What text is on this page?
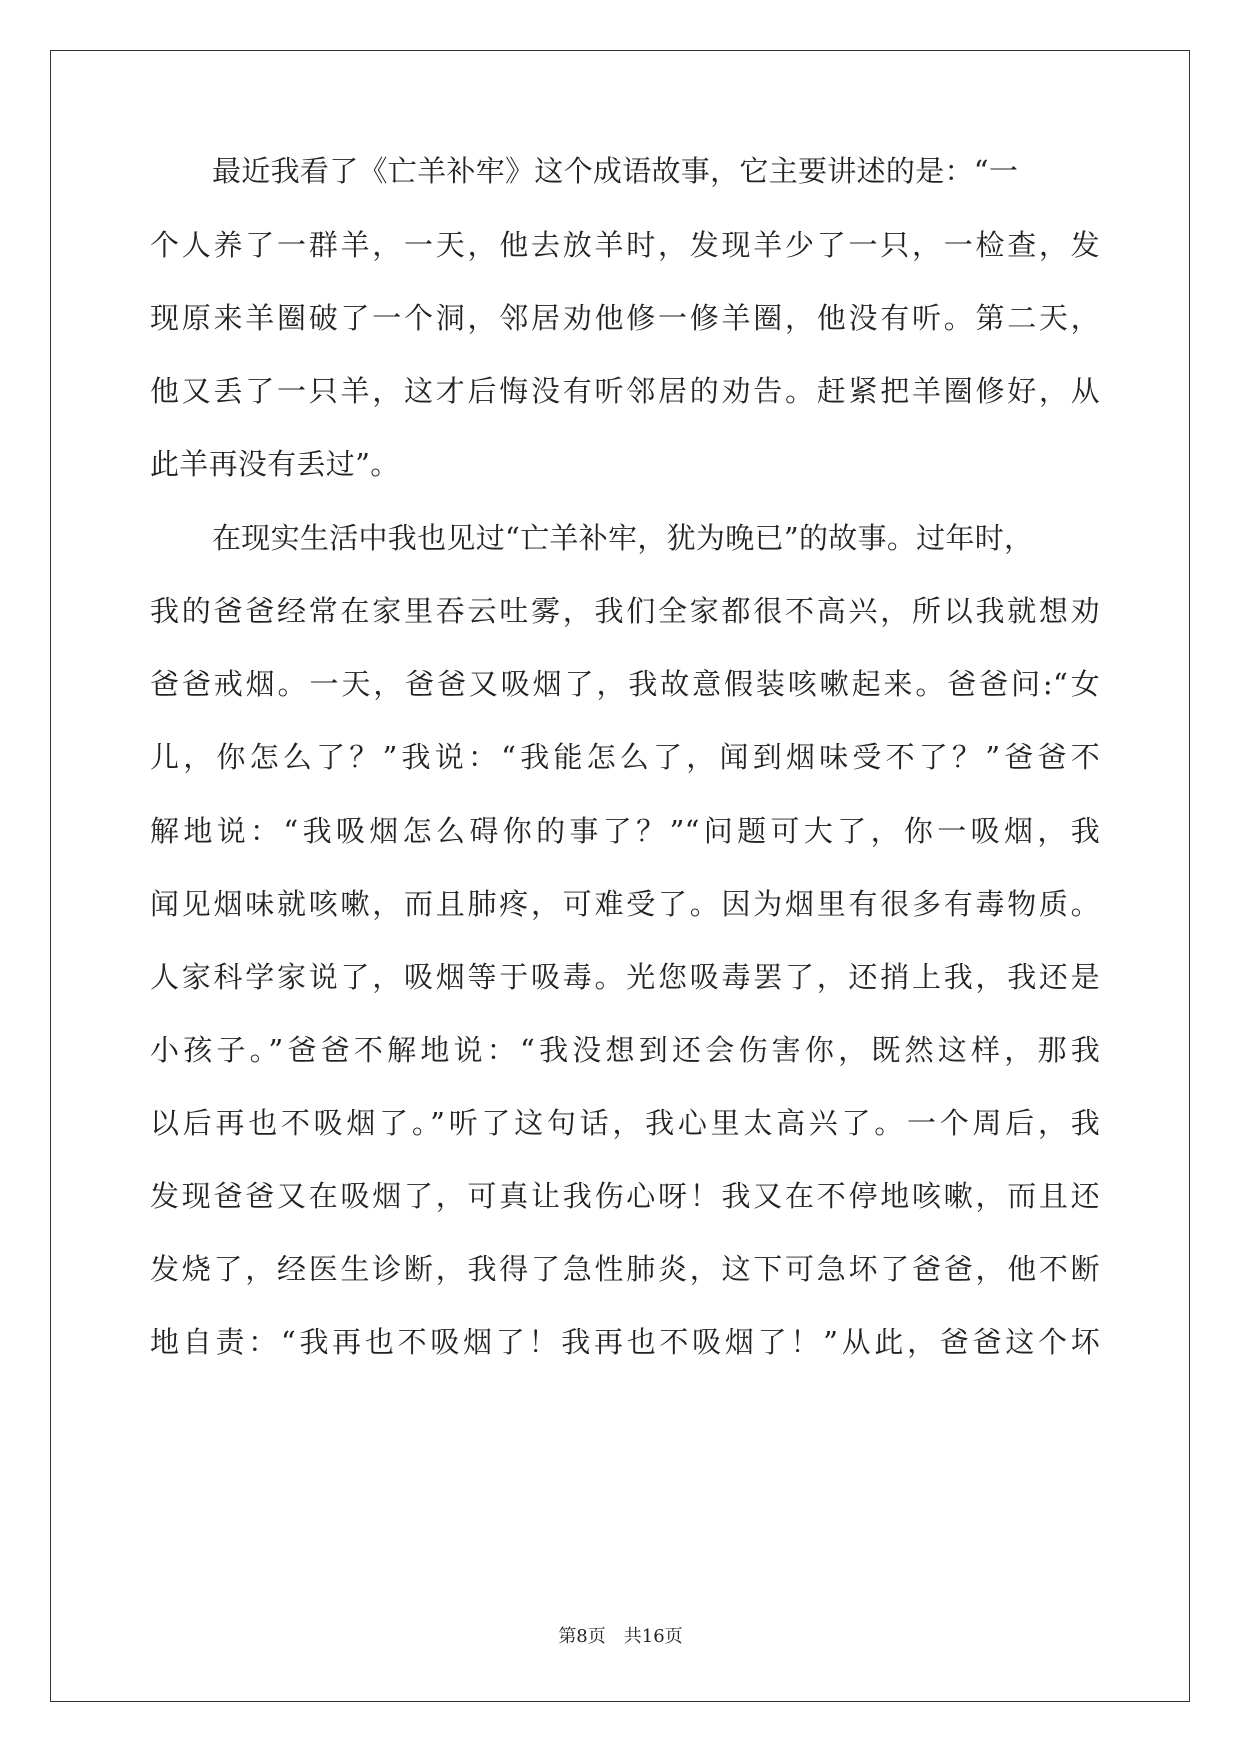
最近我看了《亡羊补牢》这个成语故事，它主要讲述的是：“一
个人养了一群羊，一天，他去放羊时，发现羊少了一只，一检查，发
现原来羊圈破了一个洞，邻居劝他修一修羊圈，他没有听。第二天，
他又丢了一只羊，这才后悔没有听邻居的劝告。赶紧把羊圈修好，从
此羊再没有丢过”。
在现实生活中我也见过“亡羊补牢，犹为晚已”的故事。过年时，
我的爸爸经常在家里吞云吐雾，我们全家都很不高兴，所以我就想劝
爸爸戒烟。一天，爸爸又吸烟了，我故意假装咳嗽起来。爸爸问:“女
儿，你怎么了？”我说：“我能怎么了，闻到烟味受不了？”爸爸不
解地说：“我吸烟怎么碍你的事了？”“问题可大了，你一吸烟，我
闻见烟味就咳嗽，而且肺疼，可难受了。因为烟里有很多有毒物质。
人家科学家说了，吸烟等于吸毒。光您吸毒罢了，还捎上我，我还是
小孩子。”爸爸不解地说：“我没想到还会伤害你，既然这样，那我
以后再也不吸烟了。”听了这句话，我心里太高兴了。一个周后，我
发现爸爸又在吸烟了，可真让我伤心呀！我又在不停地咳嗽，而且还
发烧了，经医生诊断，我得了急性肺炎，这下可急坏了爸爸，他不断
地自责：“我再也不吸烟了！我再也不吸烟了！”从此，爸爸这个坏
第8页　共16页
